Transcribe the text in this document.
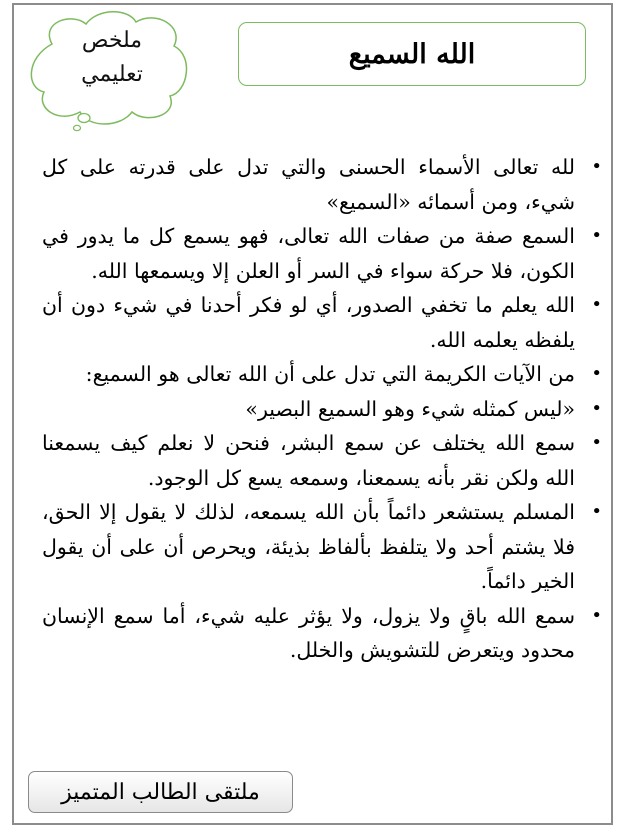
ملخص
تعليمي
الله السميع
•
لله تعالى الأسماء الحسنى والتي تدل على قدرته على كل شيء، ومن أسمائه «السميع»
•
السمع صفة من صفات الله تعالى، فهو يسمع كل ما يدور في الكون، فلا حركة سواء في السر أو العلن إلا ويسمعها الله.
•
الله يعلم ما تخفي الصدور، أي لو فكر أحدنا في شيء دون أن يلفظه يعلمه الله.
•
من الآيات الكريمة التي تدل على أن الله تعالى هو السميع:
•
«ليس كمثله شيء وهو السميع البصير»
•
سمع الله يختلف عن سمع البشر، فنحن لا نعلم كيف يسمعنا الله ولكن نقر بأنه يسمعنا، وسمعه يسع كل الوجود.
•
المسلم يستشعر دائماً بأن الله يسمعه، لذلك لا يقول إلا الحق، فلا يشتم أحد ولا يتلفظ بألفاظ بذيئة، ويحرص أن على أن يقول الخير دائماً.
•
سمع الله باقٍ ولا يزول، ولا يؤثر عليه شيء، أما سمع الإنسان محدود ويتعرض للتشويش والخلل.
ملتقى الطالب المتميز
